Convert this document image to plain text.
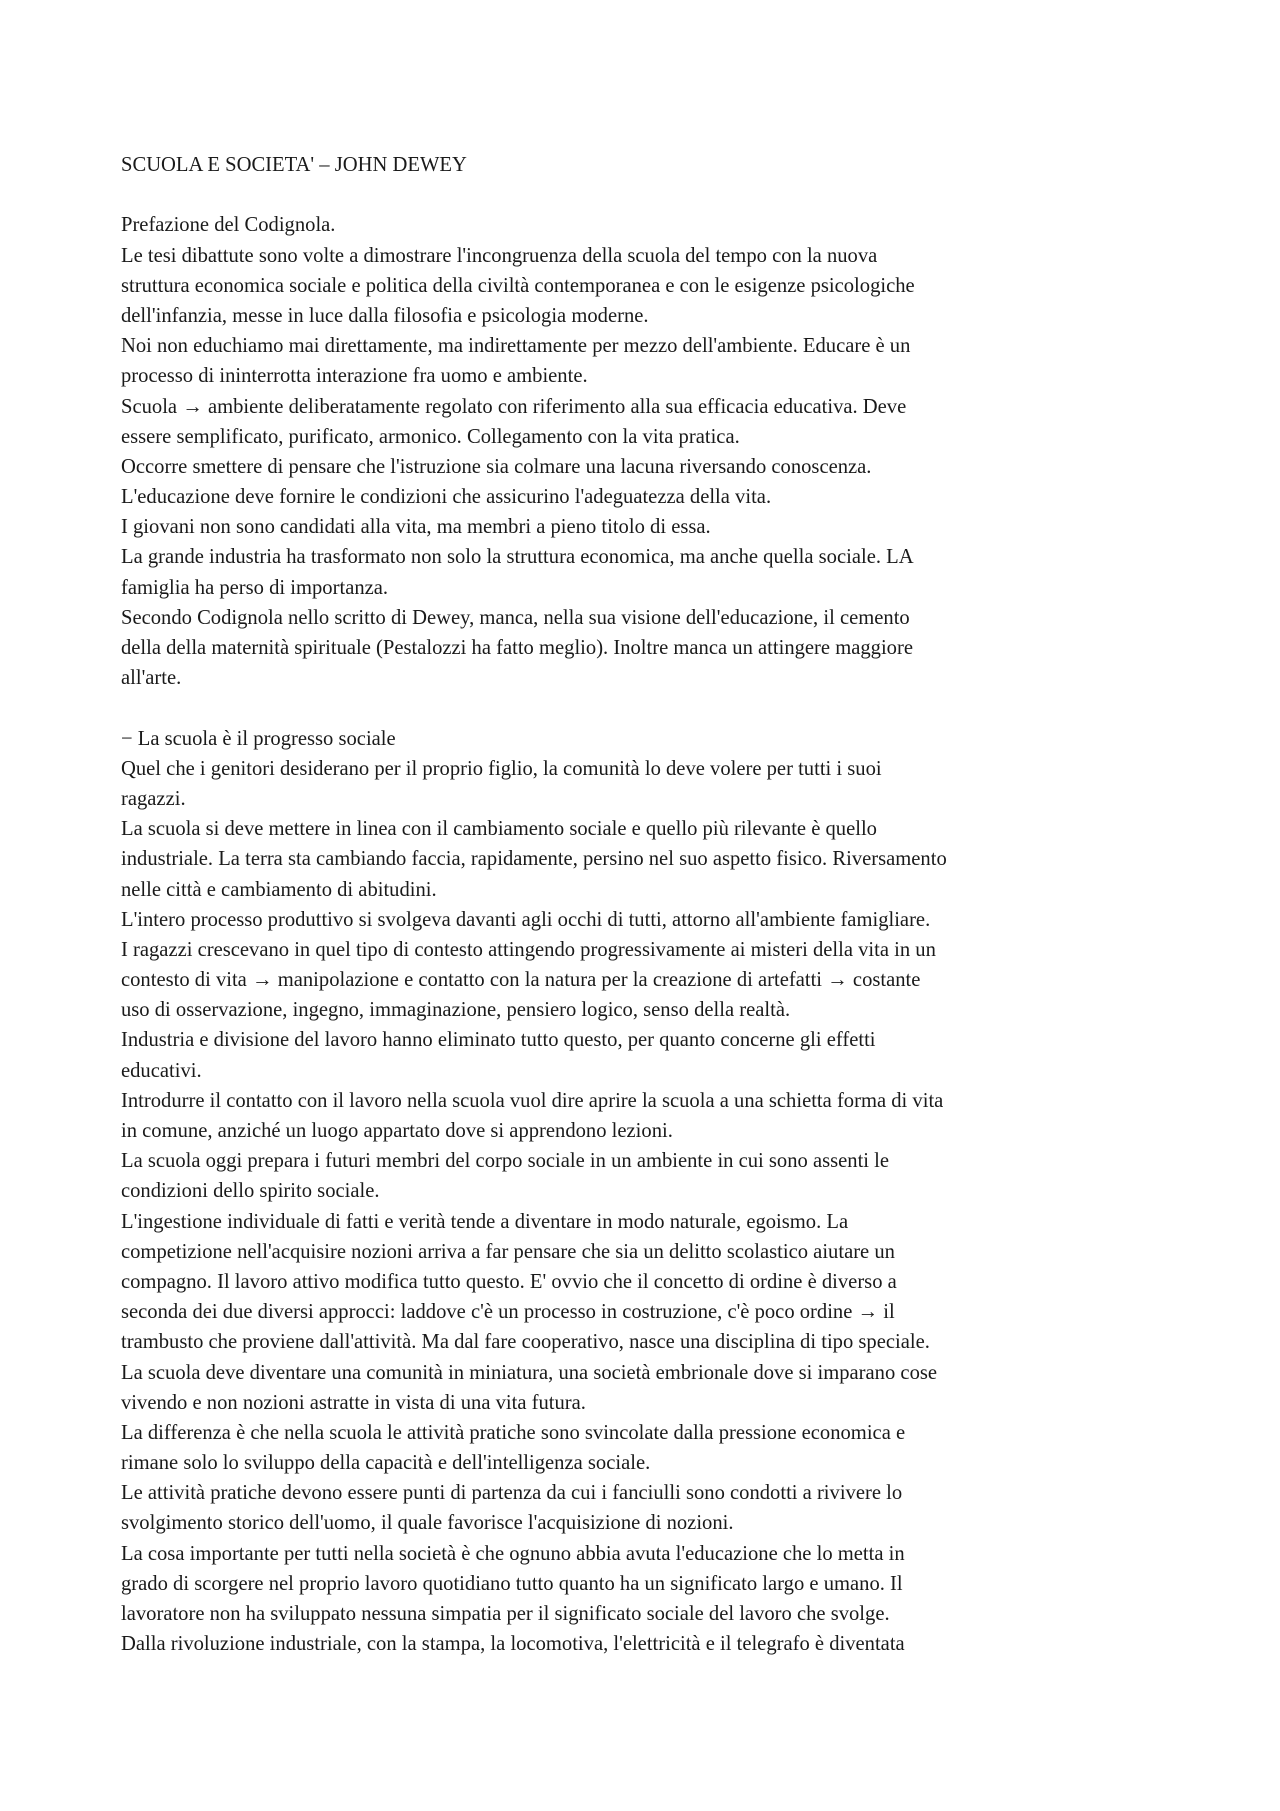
SCUOLA E SOCIETA' – JOHN DEWEY
Prefazione del Codignola.
Le tesi dibattute sono volte a dimostrare l'incongruenza della scuola del tempo con la nuova
struttura economica sociale e politica della civiltà contemporanea e con le esigenze psicologiche
dell'infanzia, messe in luce dalla filosofia e psicologia moderne.
Noi non educhiamo mai direttamente, ma indirettamente per mezzo dell'ambiente. Educare è un
processo di ininterrotta interazione fra uomo e ambiente.
Scuola → ambiente deliberatamente regolato con riferimento alla sua efficacia educativa. Deve
essere semplificato, purificato, armonico. Collegamento con la vita pratica.
Occorre smettere di pensare che l'istruzione sia colmare una lacuna riversando conoscenza.
L'educazione deve fornire le condizioni che assicurino l'adeguatezza della vita.
I giovani non sono candidati alla vita, ma membri a pieno titolo di essa.
La grande industria ha trasformato non solo la struttura economica, ma anche quella sociale. LA
famiglia ha perso di importanza.
Secondo Codignola nello scritto di Dewey, manca, nella sua visione dell'educazione, il cemento
della della maternità spirituale (Pestalozzi ha fatto meglio). Inoltre manca un attingere maggiore
all'arte.
− La scuola è il progresso sociale
Quel che i genitori desiderano per il proprio figlio, la comunità lo deve volere per tutti i suoi
ragazzi.
La scuola si deve mettere in linea con il cambiamento sociale e quello più rilevante è quello
industriale. La terra sta cambiando faccia, rapidamente, persino nel suo aspetto fisico. Riversamento
nelle città e cambiamento di abitudini.
L'intero processo produttivo si svolgeva davanti agli occhi di tutti, attorno all'ambiente famigliare.
I ragazzi crescevano in quel tipo di contesto attingendo progressivamente ai misteri della vita in un
contesto di vita → manipolazione e contatto con la natura per la creazione di artefatti → costante
uso di osservazione, ingegno, immaginazione, pensiero logico, senso della realtà.
Industria e divisione del lavoro hanno eliminato tutto questo, per quanto concerne gli effetti
educativi.
Introdurre il contatto con il lavoro nella scuola vuol dire aprire la scuola a una schietta forma di vita
in comune, anziché un luogo appartato dove si apprendono lezioni.
La scuola oggi prepara i futuri membri del corpo sociale in un ambiente in cui sono assenti le
condizioni dello spirito sociale.
L'ingestione individuale di fatti e verità tende a diventare in modo naturale, egoismo. La
competizione nell'acquisire nozioni arriva a far pensare che sia un delitto scolastico aiutare un
compagno. Il lavoro attivo modifica tutto questo. E' ovvio che il concetto di ordine è diverso a
seconda dei due diversi approcci: laddove c'è un processo in costruzione, c'è poco ordine → il
trambusto che proviene dall'attività. Ma dal fare cooperativo, nasce una disciplina di tipo speciale.
La scuola deve diventare una comunità in miniatura, una società embrionale dove si imparano cose
vivendo e non nozioni astratte in vista di una vita futura.
La differenza è che nella scuola le attività pratiche sono svincolate dalla pressione economica e
rimane solo lo sviluppo della capacità e dell'intelligenza sociale.
Le attività pratiche devono essere punti di partenza da cui i fanciulli sono condotti a rivivere lo
svolgimento storico dell'uomo, il quale favorisce l'acquisizione di nozioni.
La cosa importante per tutti nella società è che ognuno abbia avuta l'educazione che lo metta in
grado di scorgere nel proprio lavoro quotidiano tutto quanto ha un significato largo e umano. Il
lavoratore non ha sviluppato nessuna simpatia per il significato sociale del lavoro che svolge.
Dalla rivoluzione industriale, con la stampa, la locomotiva, l'elettricità e il telegrafo è diventata
